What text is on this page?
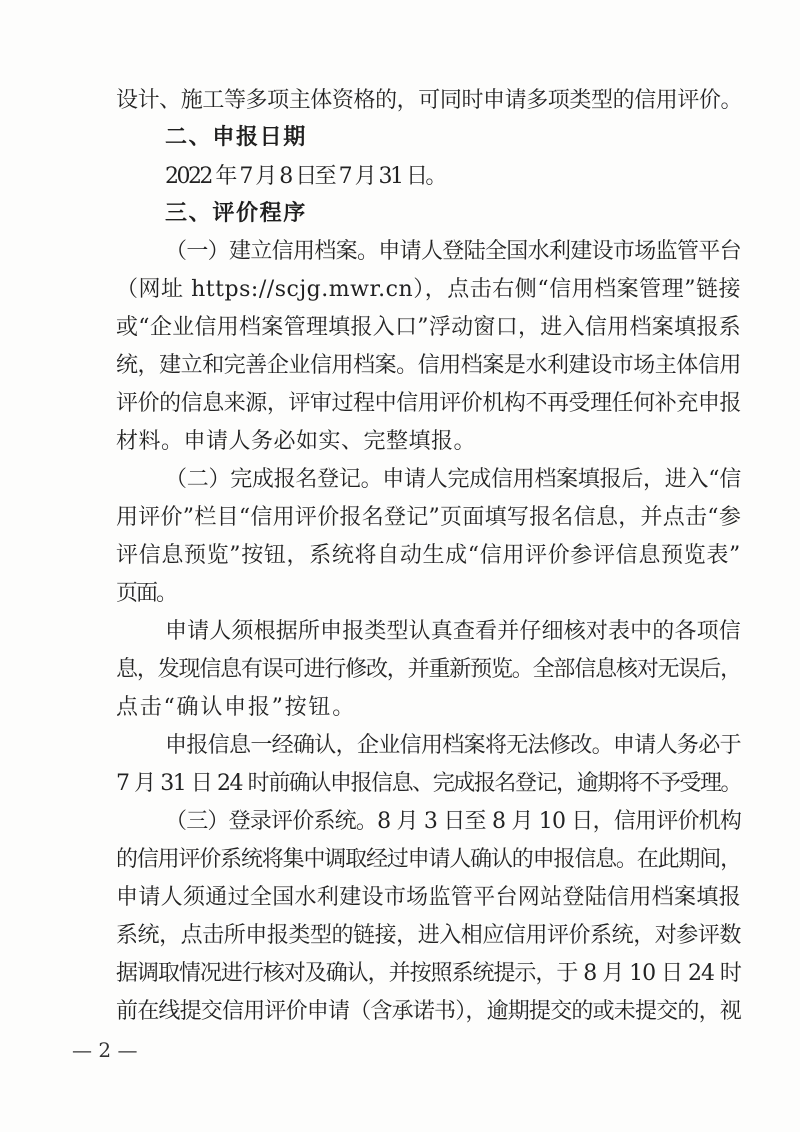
设计、施工等多项主体资格的，可同时申请多项类型的信用评价。
二、申报日期
2022 年 7 月 8 日至 7 月 31 日。
三、评价程序
（一）建立信用档案。申请人登陆全国水利建设市场监管平台
（网址 https://scjg.mwr.cn），点击右侧“信用档案管理”链接
或“企业信用档案管理填报入口”浮动窗口，进入信用档案填报系
统，建立和完善企业信用档案。信用档案是水利建设市场主体信用
评价的信息来源，评审过程中信用评价机构不再受理任何补充申报
材料。申请人务必如实、完整填报。
（二）完成报名登记。申请人完成信用档案填报后，进入“信
用评价”栏目“信用评价报名登记”页面填写报名信息，并点击“参
评信息预览”按钮，系统将自动生成“信用评价参评信息预览表”
页面。
申请人须根据所申报类型认真查看并仔细核对表中的各项信
息，发现信息有误可进行修改，并重新预览。全部信息核对无误后，
点击“确认申报”按钮。
申报信息一经确认，企业信用档案将无法修改。申请人务必于
7 月 31 日 24 时前确认申报信息、完成报名登记，逾期将不予受理。
（三）登录评价系统。8 月 3 日至 8 月 10 日，信用评价机构
的信用评价系统将集中调取经过申请人确认的申报信息。在此期间，
申请人须通过全国水利建设市场监管平台网站登陆信用档案填报
系统，点击所申报类型的链接，进入相应信用评价系统，对参评数
据调取情况进行核对及确认，并按照系统提示，于 8 月 10 日 24 时
前在线提交信用评价申请（含承诺书），逾期提交的或未提交的，视
— 2 —
